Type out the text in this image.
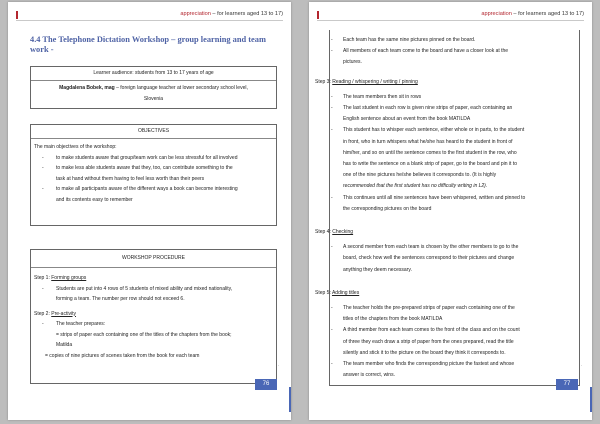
appreciation – for learners aged 13 to 17)
4.4 The Telephone Dictation Workshop – group learning and team
work -
Learner audience: students from 13 to 17 years of age
Magdalena Bobek, mag – foreign language teacher at lower secondary school level,
Slovenia
OBJECTIVES
The main objectives of the workshop:
- to make students aware that group/team work can be less stressful for all involved
- to make less able students aware that they, too, can contribute something to the
task at hand without them having to feel less worth than their peers
- to make all participants aware of the different ways a book can become interesting
and its contents easy to remember
WORKSHOP PROCEDURE
Step 1: Forming groups
- Students are put into 4 rows of 5 students of mixed ability and mixed nationality,
forming a team. The number per row should not exceed 6.
Step 2: Pre-activity
- The teacher prepares:
= strips of paper each containing one of the titles of the chapters from the book;
Matilda
= copies of nine pictures of scenes taken from the book for each team
.
76
appreciation – for learners aged 13 to 17)
- Each team has the same nine pictures pinned on the board.
- All members of each team come to the board and have a closer look at the
pictures.
Step 3: Reading / whispering / writing / pinning
- The team members then sit in rows
- The last student in each row is given nine strips of paper, each containing an
English sentence about an event from the book MATILDA
- This student has to whisper each sentence, either whole or in parts, to the student
in front, who in turn whispers what he/she has heard to the student in front of
him/her, and so on until the sentence comes to the first student in the row, who
has to write the sentence on a blank strip of paper, go to the board and pin it to
one of the nine pictures he/she believes it corresponds to. (It is highly
recommended that the first student has no difficulty writing in L2).
- This continues until all nine sentences have been whispered, written and pinned to
the corresponding pictures on the board
Step 4: Checking
- A second member from each team is chosen by the other members to go to the
board, check how well the sentences correspond to their pictures and change
anything they deem necessary.
Step 5: Adding titles
- The teacher holds the pre-prepared strips of paper each containing one of the
titles of the chapters from the book MATILDA
- A third member from each team comes to the front of the class and on the count
of three they each draw a strip of paper from the ones prepared, read the title
silently and stick it to the picture on the board they think it corresponds to.
- The team member who finds the corresponding picture the fastest and whose
answer is correct, wins.
.
77
